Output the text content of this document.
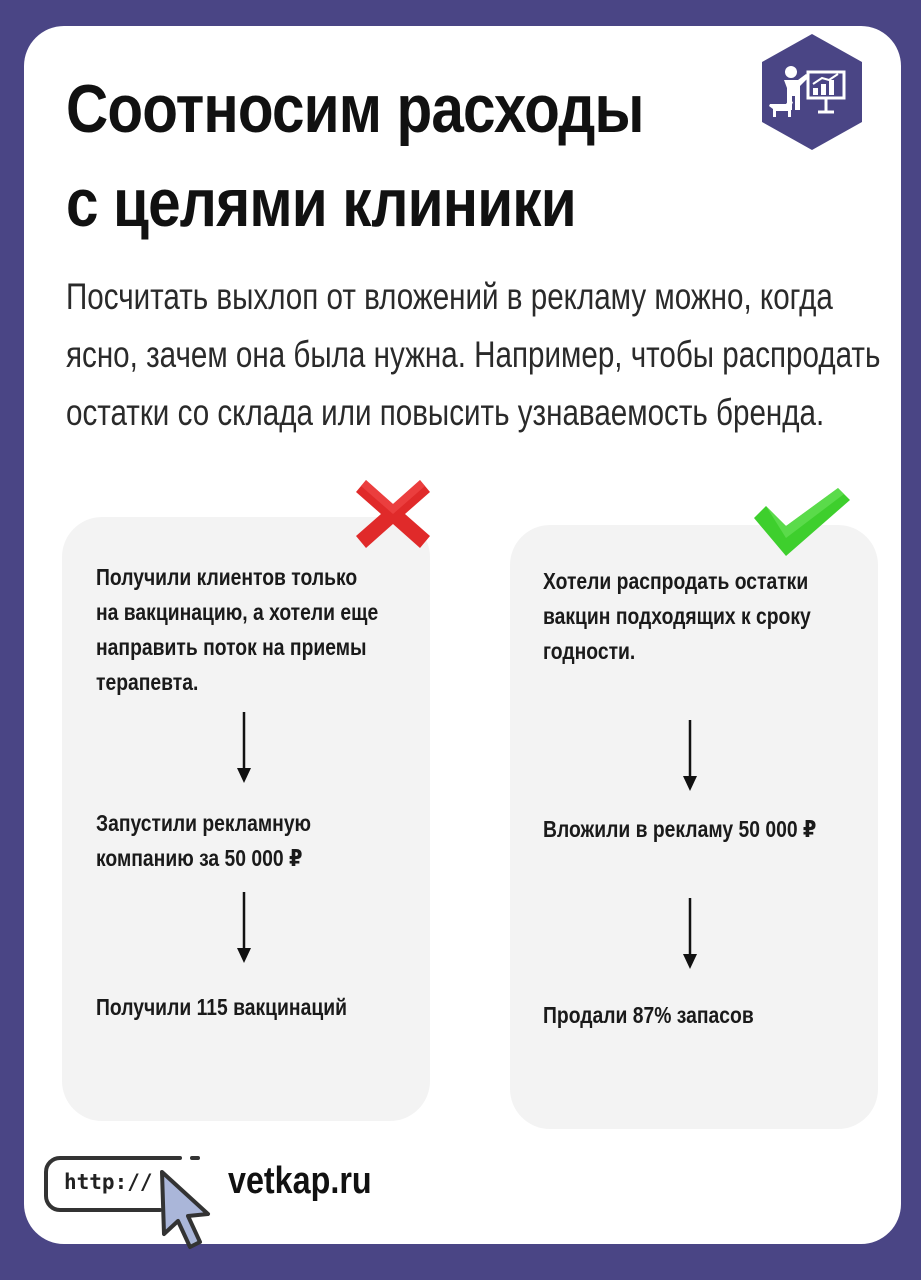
Соотносим расходы
с целями клиники

Посчитать выхлоп от вложений в рекламу можно, когда
ясно, зачем она была нужна. Например, чтобы распродать
остатки со склада или повысить узнаваемость бренда.

Получили клиентов только
на вакцинацию, а хотели еще
направить поток на приемы
терапевта.

Запустили рекламную
компанию за 50 000 ₽

Получили 115 вакцинаций

Хотели распродать остатки
вакцин подходящих к сроку
годности.

Вложили в рекламу 50 000 ₽

Продали 87% запасов

http:// vetkap.ru
